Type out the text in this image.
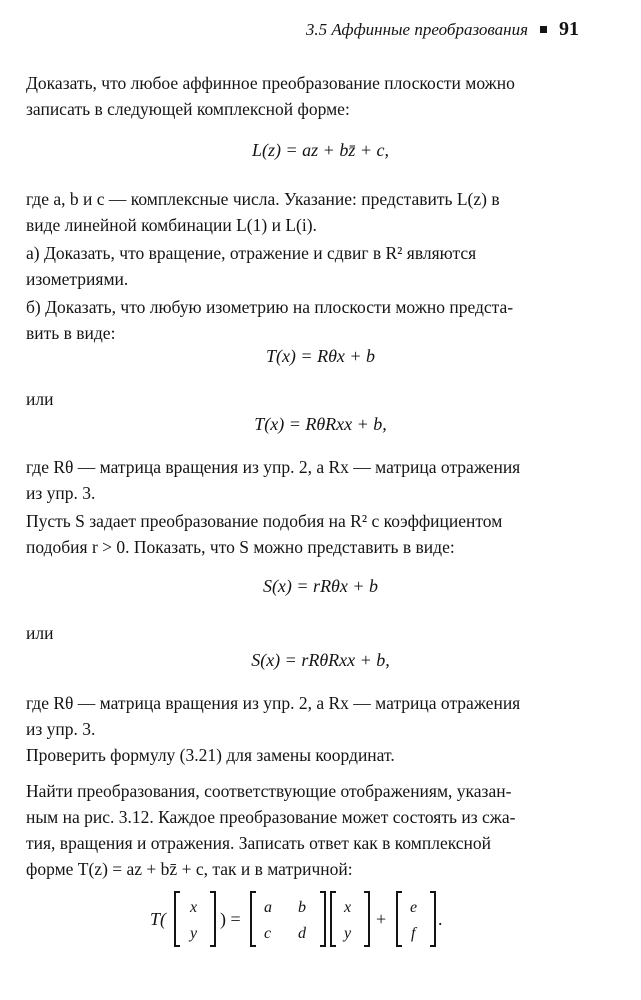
3.5 Аффинные преобразования 91
Доказать, что любое аффинное преобразование плоскости можно
записать в следующей комплексной форме:
L(z) = az + bz̄ + c,
где a, b и c — комплексные числа. Указание: представить L(z) в
виде линейной комбинации L(1) и L(i).
а) Доказать, что вращение, отражение и сдвиг в R² являются
изометриями.
б) Доказать, что любую изометрию на плоскости можно предста-
вить в виде:
T(x) = Rθx + b
или
T(x) = RθRxx + b,
где Rθ — матрица вращения из упр. 2, а Rx — матрица отражения
из упр. 3.
Пусть S задает преобразование подобия на R² с коэффициентом
подобия r > 0. Показать, что S можно представить в виде:
S(x) = rRθx + b
или
S(x) = rRθRxx + b,
где Rθ — матрица вращения из упр. 2, а Rx — матрица отражения
из упр. 3.
Проверить формулу (3.21) для замены координат.
Найти преобразования, соответствующие отображениям, указан-
ным на рис. 3.12. Каждое преобразование может состоять из сжа-
тия, вращения и отражения. Записать ответ как в комплексной
форме T(z) = az + bz̄ + c, так и в матричной:
T(
x
y
) =
a b
c d
x
y
+
e
f
.
